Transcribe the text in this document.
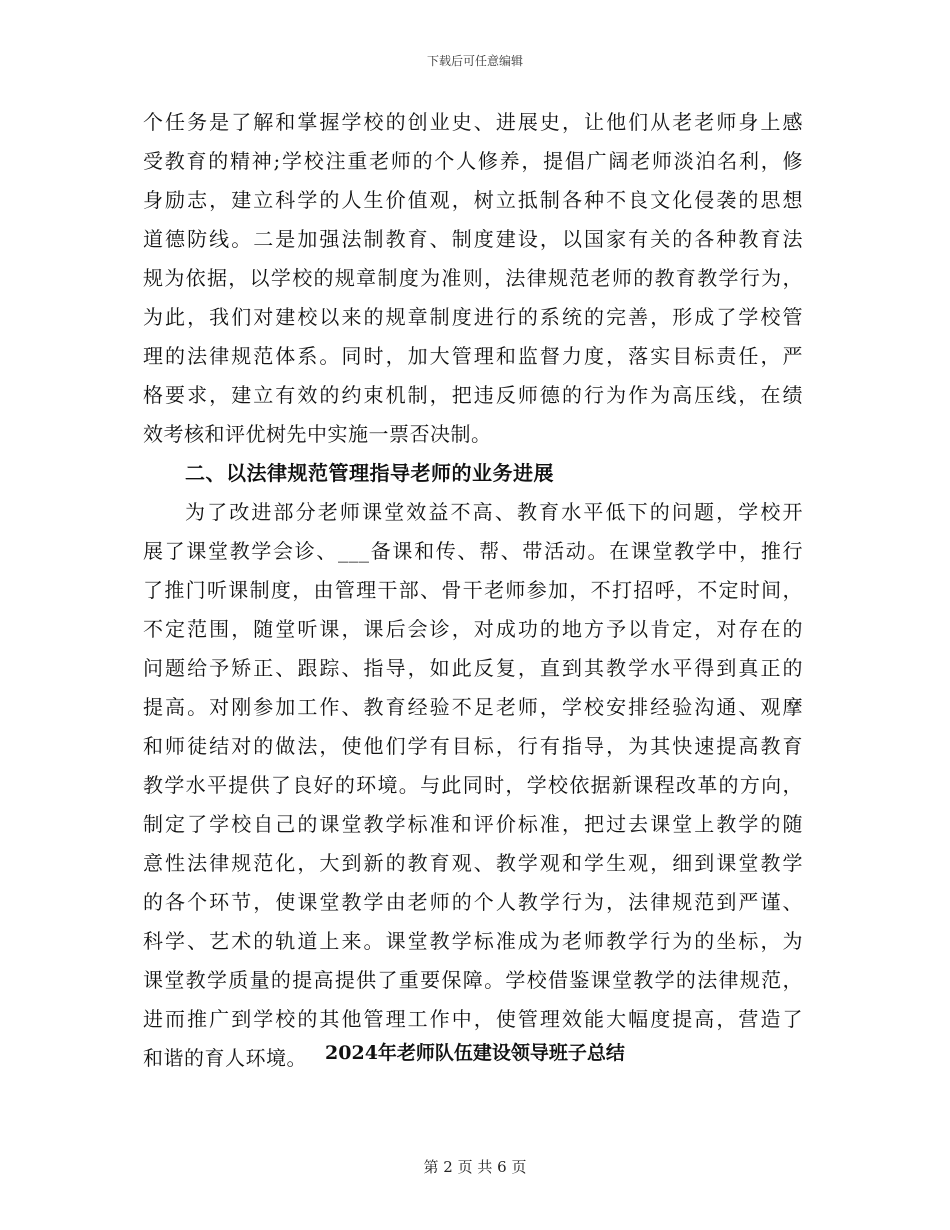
下载后可任意编辑
个任务是了解和掌握学校的创业史、进展史，让他们从老老师身上感
受教育的精神;学校注重老师的个人修养，提倡广阔老师淡泊名利，修
身励志，建立科学的人生价值观，树立抵制各种不良文化侵袭的思想
道德防线。二是加强法制教育、制度建设，以国家有关的各种教育法
规为依据，以学校的规章制度为准则，法律规范老师的教育教学行为，
为此，我们对建校以来的规章制度进行的系统的完善，形成了学校管
理的法律规范体系。同时，加大管理和监督力度，落实目标责任，严
格要求，建立有效的约束机制，把违反师德的行为作为高压线，在绩
效考核和评优树先中实施一票否决制。
二、以法律规范管理指导老师的业务进展
为了改进部分老师课堂效益不高、教育水平低下的问题，学校开
展了课堂教学会诊、___备课和传、帮、带活动。在课堂教学中，推行
了推门听课制度，由管理干部、骨干老师参加，不打招呼，不定时间，
不定范围，随堂听课，课后会诊，对成功的地方予以肯定，对存在的
问题给予矫正、跟踪、指导，如此反复，直到其教学水平得到真正的
提高。对刚参加工作、教育经验不足老师，学校安排经验沟通、观摩
和师徒结对的做法，使他们学有目标，行有指导，为其快速提高教育
教学水平提供了良好的环境。与此同时，学校依据新课程改革的方向，
制定了学校自己的课堂教学标准和评价标准，把过去课堂上教学的随
意性法律规范化，大到新的教育观、教学观和学生观，细到课堂教学
的各个环节，使课堂教学由老师的个人教学行为，法律规范到严谨、
科学、艺术的轨道上来。课堂教学标准成为老师教学行为的坐标，为
课堂教学质量的提高提供了重要保障。学校借鉴课堂教学的法律规范，
进而推广到学校的其他管理工作中，使管理效能大幅度提高，营造了
和谐的育人环境。 2024年老师队伍建设领导班子总结
第 2 页 共 6 页
